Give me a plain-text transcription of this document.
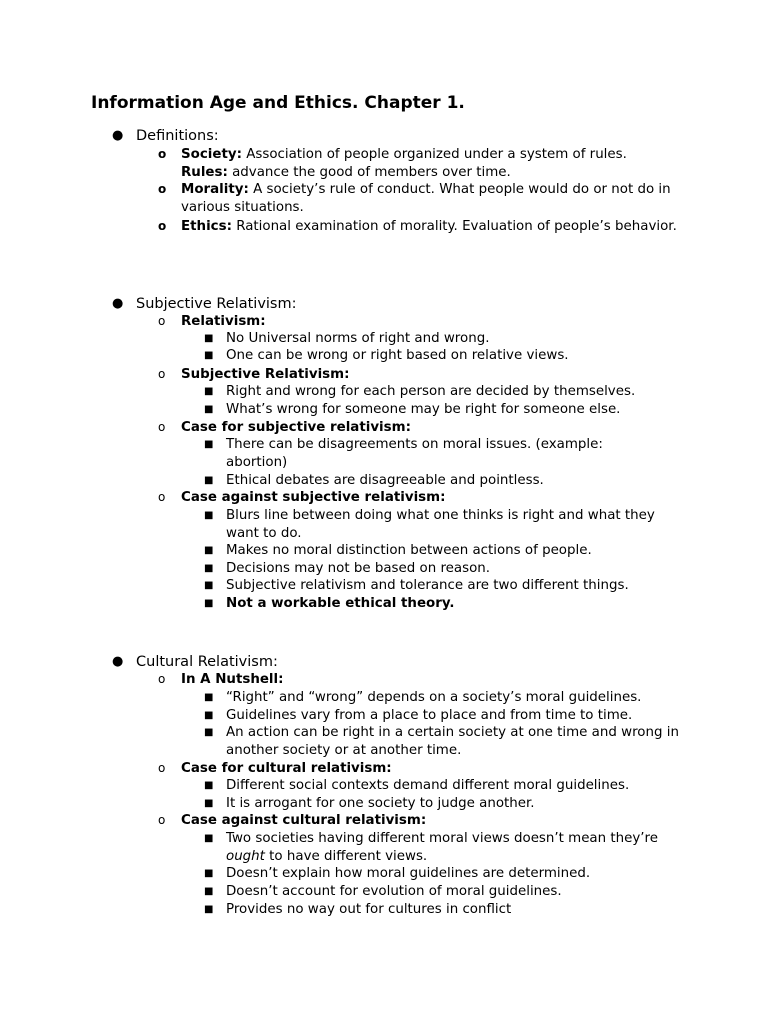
Information Age and Ethics. Chapter 1.
● Definitions:
o Society: Association of people organized under a system of rules.
Rules: advance the good of members over time.
o Morality: A society’s rule of conduct. What people would do or not do in various situations.
o Ethics: Rational examination of morality. Evaluation of people’s behavior.
● Subjective Relativism:
o Relativism:
■ No Universal norms of right and wrong.
■ One can be wrong or right based on relative views.
o Subjective Relativism:
■ Right and wrong for each person are decided by themselves.
■ What’s wrong for someone may be right for someone else.
o Case for subjective relativism:
■ There can be disagreements on moral issues. (example: abortion)
■ Ethical debates are disagreeable and pointless.
o Case against subjective relativism:
■ Blurs line between doing what one thinks is right and what they want to do.
■ Makes no moral distinction between actions of people.
■ Decisions may not be based on reason.
■ Subjective relativism and tolerance are two different things.
■ Not a workable ethical theory.
● Cultural Relativism:
o In A Nutshell:
■ “Right” and “wrong” depends on a society’s moral guidelines.
■ Guidelines vary from a place to place and from time to time.
■ An action can be right in a certain society at one time and wrong in another society or at another time.
o Case for cultural relativism:
■ Different social contexts demand different moral guidelines.
■ It is arrogant for one society to judge another.
o Case against cultural relativism:
■ Two societies having different moral views doesn’t mean they’re ought to have different views.
■ Doesn’t explain how moral guidelines are determined.
■ Doesn’t account for evolution of moral guidelines.
■ Provides no way out for cultures in conflict
